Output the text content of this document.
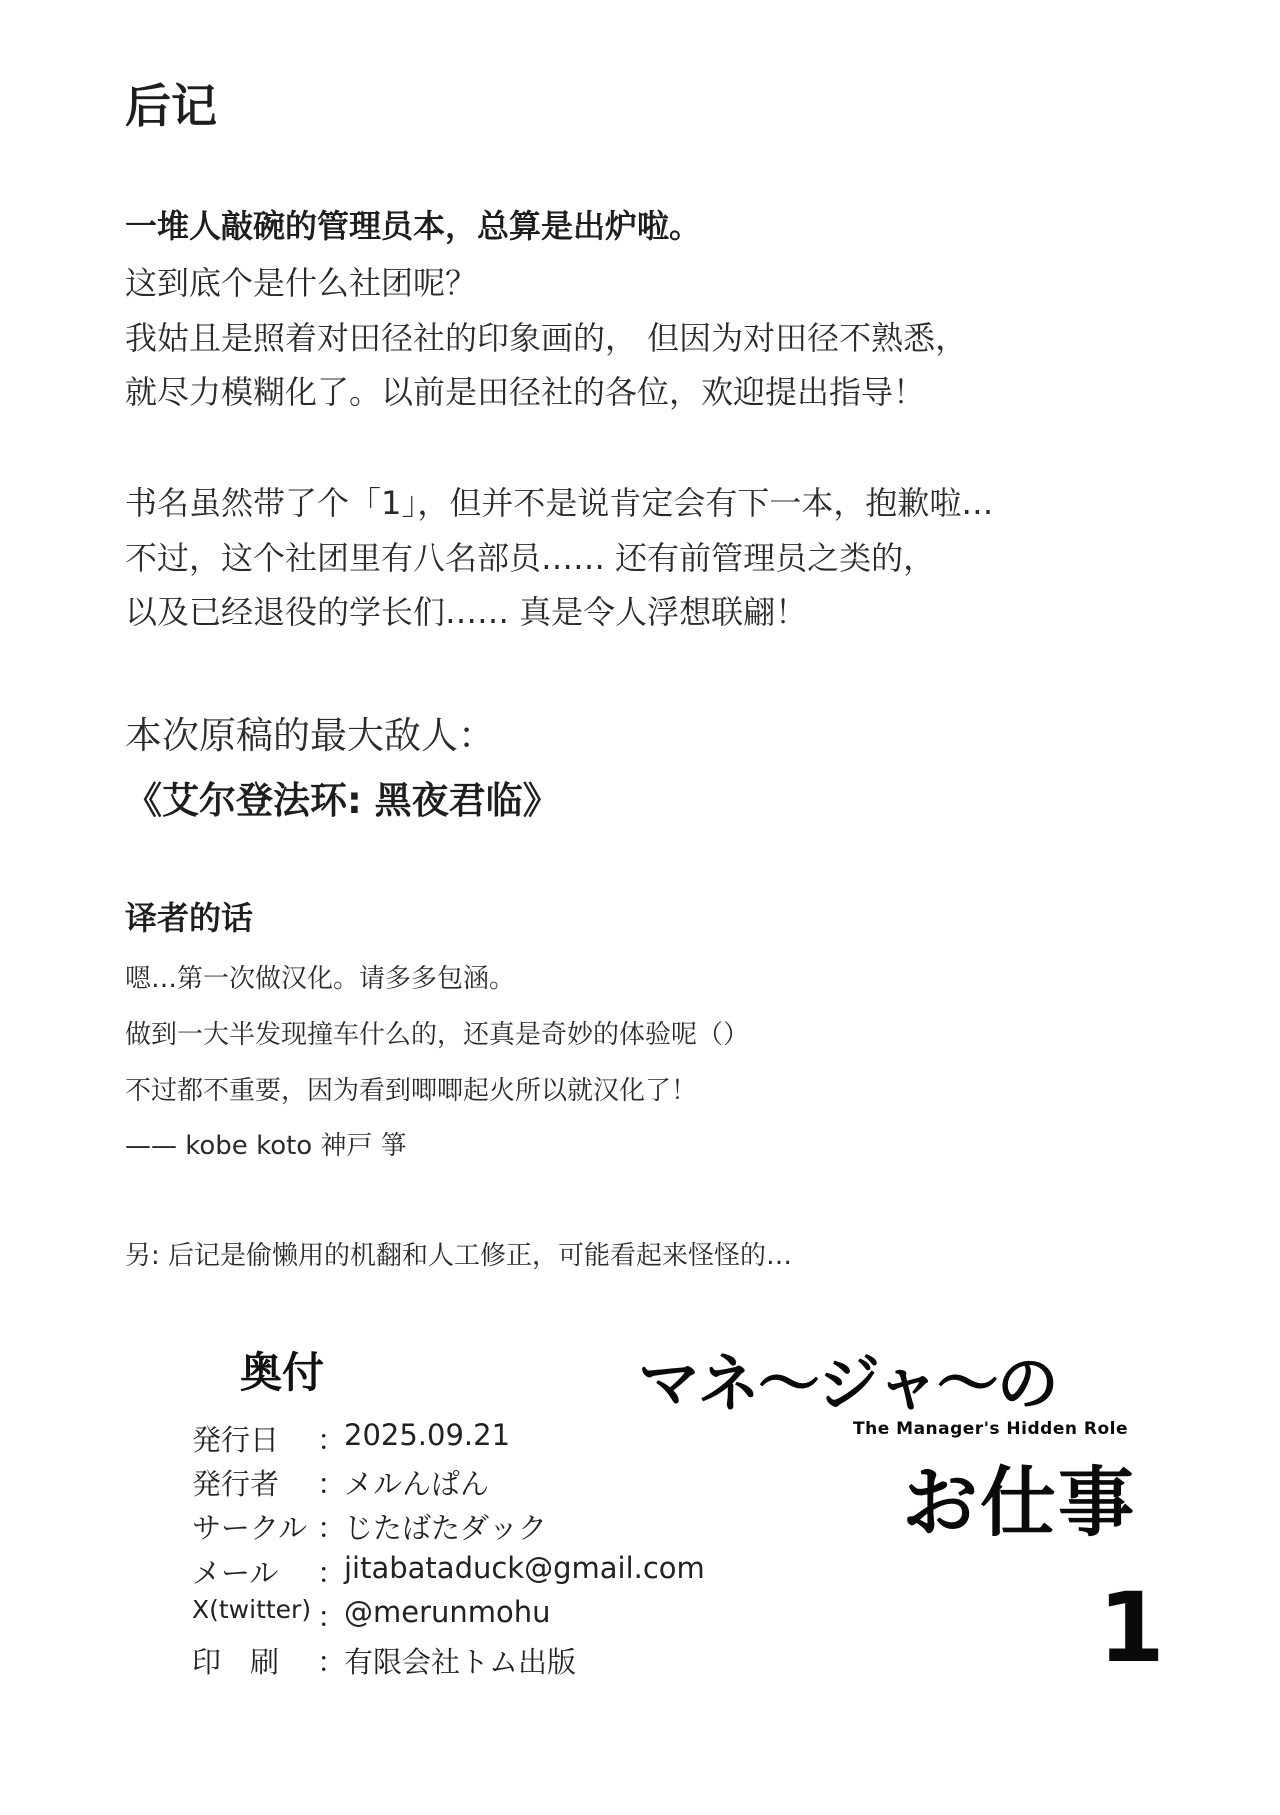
后记
一堆人敲碗的管理员本，总算是出炉啦。
这到底个是什么社团呢？
我姑且是照着对田径社的印象画的， 但因为对田径不熟悉，
就尽力模糊化了。以前是田径社的各位，欢迎提出指导！
书名虽然带了个「1」，但并不是说肯定会有下一本，抱歉啦…
不过，这个社团里有八名部员…… 还有前管理员之类的，
以及已经退役的学长们…… 真是令人浮想联翩！
本次原稿的最大敌人：
《艾尔登法环: 黑夜君临》
译者的话
嗯…第一次做汉化。请多多包涵。
做到一大半发现撞车什么的，还真是奇妙的体验呢（）
不过都不重要，因为看到唧唧起火所以就汉化了！
—— kobe koto 神戸 箏
另: 后记是偷懒用的机翻和人工修正，可能看起来怪怪的…
奥付
発行日 ：
2025.09.21
発行者 ：
メルんぱん
サークル ：
じたばたダック
メール ：
jitabataduck@gmail.com
X(twitter) ：
@merunmohu
印　刷 ：
有限会社トム出版
マネ〜ジャ〜の
The Manager's Hidden Role
お仕事
1
